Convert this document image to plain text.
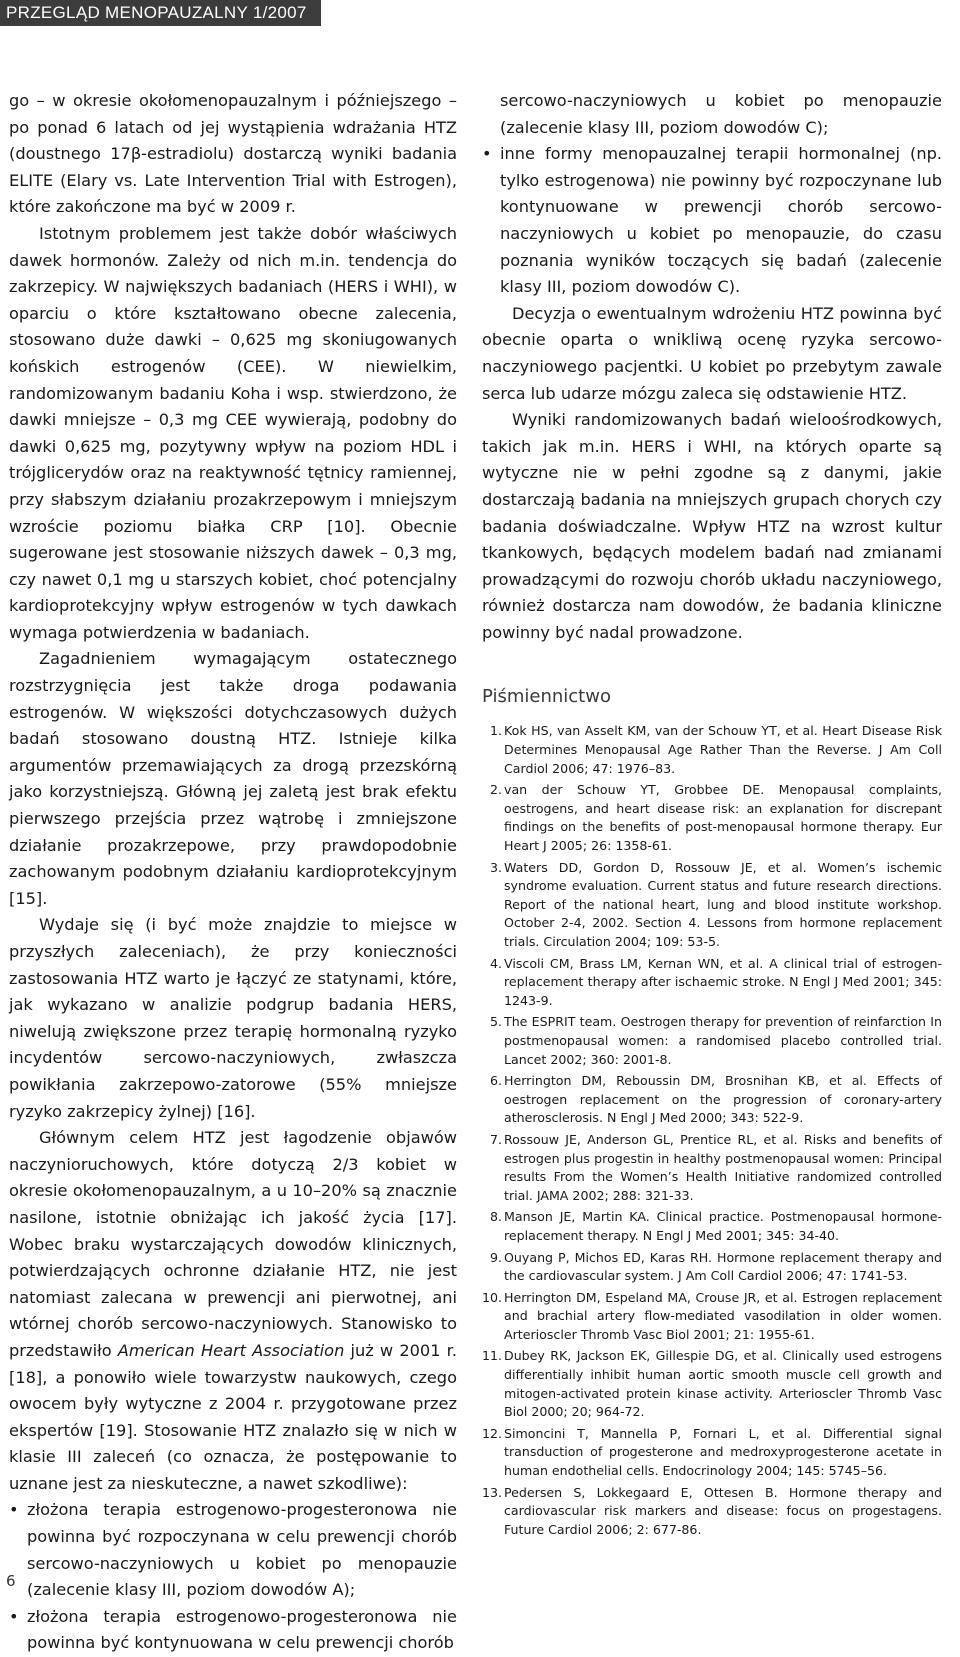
PRZEGLĄD MENOPAUZALNY 1/2007

go – w okresie okołomenopauzalnym i późniejszego – po ponad 6 latach od jej wystąpienia wdrażania HTZ (doustnego 17β-estradiolu) dostarczą wyniki badania ELITE (Elary vs. Late Intervention Trial with Estrogen), które zakończone ma być w 2009 r.

Istotnym problemem jest także dobór właściwych dawek hormonów. Zależy od nich m.in. tendencja do zakrzepicy. W największych badaniach (HERS i WHI), w oparciu o które kształtowano obecne zalecenia, stosowano duże dawki – 0,625 mg skoniugowanych końskich estrogenów (CEE). W niewielkim, randomizowanym badaniu Koha i wsp. stwierdzono, że dawki mniejsze – 0,3 mg CEE wywierają, podobny do dawki 0,625 mg, pozytywny wpływ na poziom HDL i trójglicerydów oraz na reaktywność tętnicy ramiennej, przy słabszym działaniu prozakrzepowym i mniejszym wzroście poziomu białka CRP [10]. Obecnie sugerowane jest stosowanie niższych dawek – 0,3 mg, czy nawet 0,1 mg u starszych kobiet, choć potencjalny kardioprotekcyjny wpływ estrogenów w tych dawkach wymaga potwierdzenia w badaniach.

Zagadnieniem wymagającym ostatecznego rozstrzygnięcia jest także droga podawania estrogenów. W większości dotychczasowych dużych badań stosowano doustną HTZ. Istnieje kilka argumentów przemawiających za drogą przezskórną jako korzystniejszą. Główną jej zaletą jest brak efektu pierwszego przejścia przez wątrobę i zmniejszone działanie prozakrzepowe, przy prawdopodobnie zachowanym podobnym działaniu kardioprotekcyjnym [15].

Wydaje się (i być może znajdzie to miejsce w przyszłych zaleceniach), że przy konieczności zastosowania HTZ warto je łączyć ze statynami, które, jak wykazano w analizie podgrup badania HERS, niwelują zwiększone przez terapię hormonalną ryzyko incydentów sercowo-naczyniowych, zwłaszcza powikłania zakrzepowo-zatorowe (55% mniejsze ryzyko zakrzepicy żylnej) [16].

Głównym celem HTZ jest łagodzenie objawów naczynioruchowych, które dotyczą 2/3 kobiet w okresie okołomenopauzalnym, a u 10–20% są znacznie nasilone, istotnie obniżając ich jakość życia [17]. Wobec braku wystarczających dowodów klinicznych, potwierdzających ochronne działanie HTZ, nie jest natomiast zalecana w prewencji ani pierwotnej, ani wtórnej chorób sercowo-naczyniowych. Stanowisko to przedstawiło American Heart Association już w 2001 r. [18], a ponowiło wiele towarzystw naukowych, czego owocem były wytyczne z 2004 r. przygotowane przez ekspertów [19]. Stosowanie HTZ znalazło się w nich w klasie III zaleceń (co oznacza, że postępowanie to uznane jest za nieskuteczne, a nawet szkodliwe):

• złożona terapia estrogenowo-progesteronowa nie powinna być rozpoczynana w celu prewencji chorób sercowo-naczyniowych u kobiet po menopauzie (zalecenie klasy III, poziom dowodów A);
• złożona terapia estrogenowo-progesteronowa nie powinna być kontynuowana w celu prewencji chorób

sercowo-naczyniowych u kobiet po menopauzie (zalecenie klasy III, poziom dowodów C);

• inne formy menopauzalnej terapii hormonalnej (np. tylko estrogenowa) nie powinny być rozpoczynane lub kontynuowane w prewencji chorób sercowo-naczyniowych u kobiet po menopauzie, do czasu poznania wyników toczących się badań (zalecenie klasy III, poziom dowodów C).

Decyzja o ewentualnym wdrożeniu HTZ powinna być obecnie oparta o wnikliwą ocenę ryzyka sercowo-naczyniowego pacjentki. U kobiet po przebytym zawale serca lub udarze mózgu zaleca się odstawienie HTZ.

Wyniki randomizowanych badań wieloośrodkowych, takich jak m.in. HERS i WHI, na których oparte są wytyczne nie w pełni zgodne są z danymi, jakie dostarczają badania na mniejszych grupach chorych czy badania doświadczalne. Wpływ HTZ na wzrost kultur tkankowych, będących modelem badań nad zmianami prowadzącymi do rozwoju chorób układu naczyniowego, również dostarcza nam dowodów, że badania kliniczne powinny być nadal prowadzone.

Piśmiennictwo
1. Kok HS, van Asselt KM, van der Schouw YT, et al. Heart Disease Risk Determines Menopausal Age Rather Than the Reverse. J Am Coll Cardiol 2006; 47: 1976–83.
2. van der Schouw YT, Grobbee DE. Menopausal complaints, oestrogens, and heart disease risk: an explanation for discrepant findings on the benefits of post-menopausal hormone therapy. Eur Heart J 2005; 26: 1358-61.
3. Waters DD, Gordon D, Rossouw JE, et al. Women’s ischemic syndrome evaluation. Current status and future research directions. Report of the national heart, lung and blood institute workshop. October 2-4, 2002. Section 4. Lessons from hormone replacement trials. Circulation 2004; 109: 53-5.
4. Viscoli CM, Brass LM, Kernan WN, et al. A clinical trial of estrogen-replacement therapy after ischaemic stroke. N Engl J Med 2001; 345: 1243-9.
5. The ESPRIT team. Oestrogen therapy for prevention of reinfarction In postmenopausal women: a randomised placebo controlled trial. Lancet 2002; 360: 2001-8.
6. Herrington DM, Reboussin DM, Brosnihan KB, et al. Effects of oestrogen replacement on the progression of coronary-artery atherosclerosis. N Engl J Med 2000; 343: 522-9.
7. Rossouw JE, Anderson GL, Prentice RL, et al. Risks and benefits of estrogen plus progestin in healthy postmenopausal women: Principal results From the Women’s Health Initiative randomized controlled trial. JAMA 2002; 288: 321-33.
8. Manson JE, Martin KA. Clinical practice. Postmenopausal hormone-replacement therapy. N Engl J Med 2001; 345: 34-40.
9. Ouyang P, Michos ED, Karas RH. Hormone replacement therapy and the cardiovascular system. J Am Coll Cardiol 2006; 47: 1741-53.
10. Herrington DM, Espeland MA, Crouse JR, et al. Estrogen replacement and brachial artery flow-mediated vasodilation in older women. Arterioscler Thromb Vasc Biol 2001; 21: 1955-61.
11. Dubey RK, Jackson EK, Gillespie DG, et al. Clinically used estrogens differentially inhibit human aortic smooth muscle cell growth and mitogen-activated protein kinase activity. Arterioscler Thromb Vasc Biol 2000; 20; 964-72.
12. Simoncini T, Mannella P, Fornari L, et al. Differential signal transduction of progesterone and medroxyprogesterone acetate in human endothelial cells. Endocrinology 2004; 145: 5745–56.
13. Pedersen S, Lokkegaard E, Ottesen B. Hormone therapy and cardiovascular risk markers and disease: focus on progestagens. Future Cardiol 2006; 2: 677-86.
6
